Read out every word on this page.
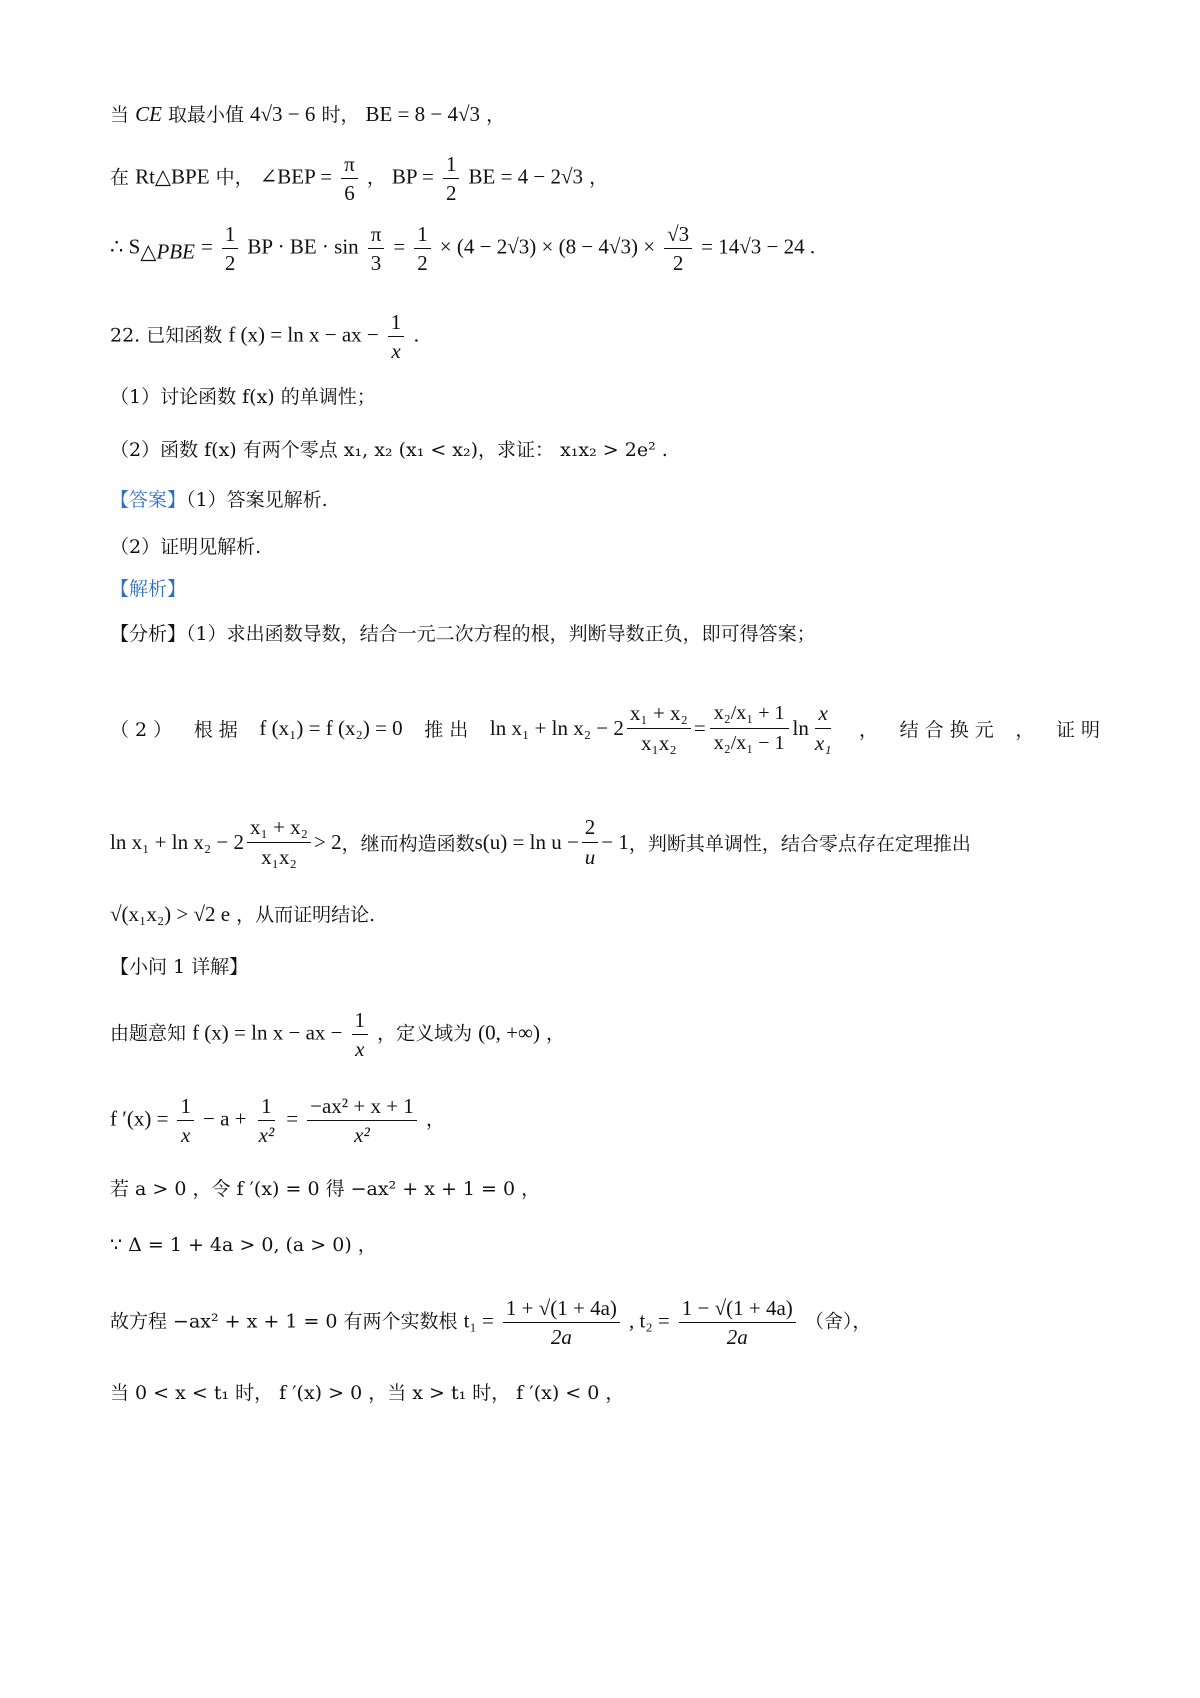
当 CE 取最小值 4√3 − 6 时， BE = 8 − 4√3 ，
在 Rt△BPE 中， ∠BEP = $\frac{\pi}{6}$ ， BP = $\frac{1}{2}$ BE = 4 − 2√3 ，
∴ $S_{\triangle PBE} = \frac{1}{2}$ BP · BE · $\sin \frac{\pi}{3} = \frac{1}{2} \times (4 - 2√3) \times (8 - 4√3) \times \frac{√3}{2} = 14√3 - 24$ .
22. 已知函数 f (x) = ln x − ax − $\frac{1}{x}$ .
（1）讨论函数 f(x) 的单调性；
（2）函数 f(x) 有两个零点 x₁, x₂ (x₁ < x₂)，求证： x₁x₂ > 2e² .
【答案】（1）答案见解析.
（2）证明见解析.
【解析】
【分析】（1）求出函数导数，结合一元二次方程的根，判断导数正负，即可得答案；
（ 2 ） 根 据 f (x₁) = f (x₂) = 0 推 出 $\ln x_1 + \ln x_2 - 2 \frac{\text{x₁ + x₂}}{\text{x₁x₂}} = \frac{\text{x₂/x₁ + 1}}{\text{x₂/x₁ − 1}}$ $\ln \frac{x}{\text{x₁}}$ ， 结 合 换 元 ， 证 明
$\ln x_1 + \ln x_2 - 2 \frac{\text{x₁ + x₂}}{\text{x₁x₂}} > 2$ ，继而构造函数 $s(u) = \ln u - \frac{2}{u} - 1$ ，判断其单调性，结合零点存在定理推出
√(x₁x₂) > √2 e ，从而证明结论.
【小问 1 详解】
由题意知 f (x) = ln x − ax − $\frac{1}{x}$ ，定义域为 (0, +∞) ，
f $'(x) = \frac{1}{x} - a + \frac{1}{\text{x²}} = \frac{\text{−ax² + x + 1}}{\text{x²}}$ ，
若 a > 0 ，令 f ′(x) = 0 得 −ax² + x + 1 = 0 ，
∵ Δ = 1 + 4a > 0, (a > 0) ，
故方程 −ax² + x + 1 = 0 有两个实数根 $t_1 = \frac{1 + √(1 + 4a)}{2a}$ , $t_2 = \frac{1 - √(1 + 4a)}{2a}$ （舍），
当 0 < x < t₁ 时， f ′(x) > 0 ，当 x > t₁ 时， f ′(x) < 0 ，
